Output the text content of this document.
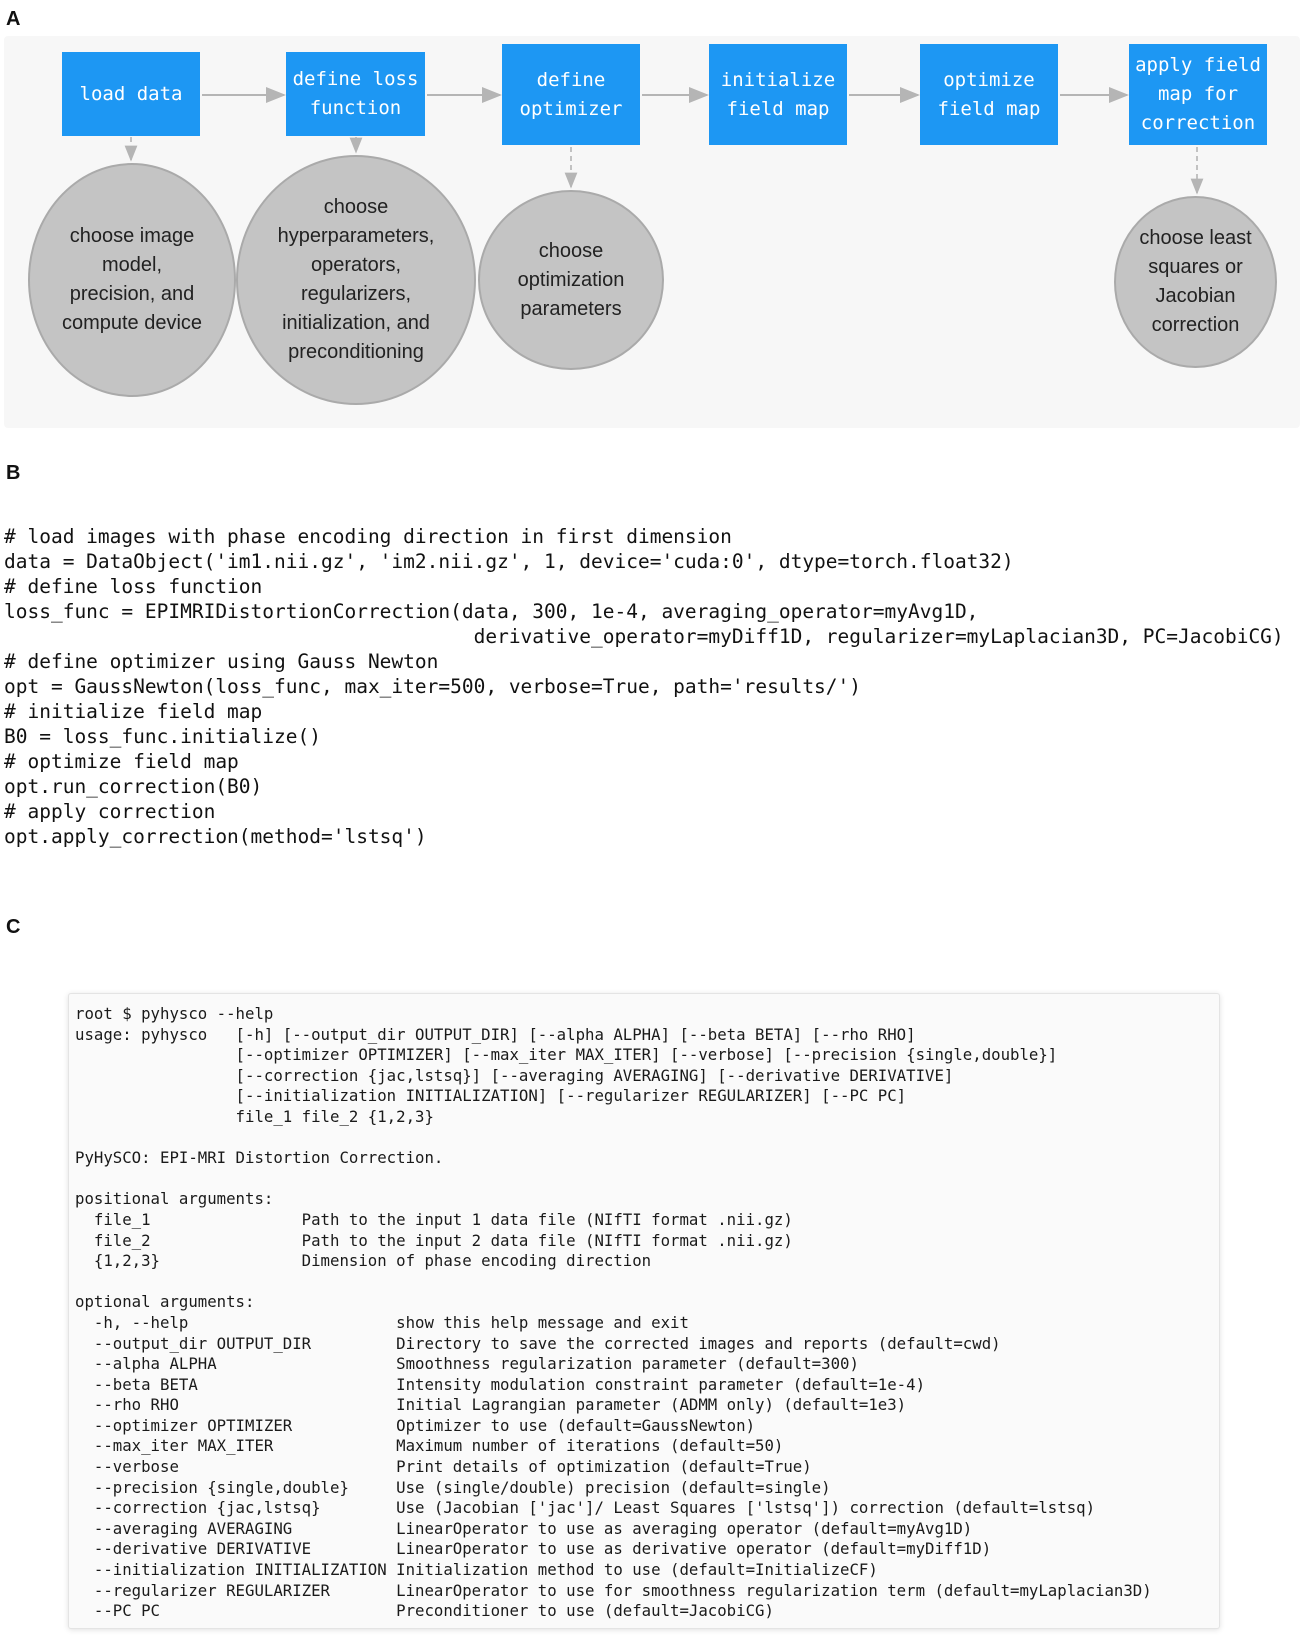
A
B
C
load data
define loss
function
define
optimizer
initialize
field map
optimize
field map
apply field
map for
correction
choose image
model,
precision, and
compute device
choose
hyperparameters,
operators,
regularizers,
initialization, and
preconditioning
choose
optimization
parameters
choose least
squares or
Jacobian
correction
# load images with phase encoding direction in first dimension
data = DataObject('im1.nii.gz', 'im2.nii.gz', 1, device='cuda:0', dtype=torch.float32)
# define loss function
loss_func = EPIMRIDistortionCorrection(data, 300, 1e-4, averaging_operator=myAvg1D,
derivative_operator=myDiff1D, regularizer=myLaplacian3D, PC=JacobiCG)
# define optimizer using Gauss Newton
opt = GaussNewton(loss_func, max_iter=500, verbose=True, path='results/')
# initialize field map
B0 = loss_func.initialize()
# optimize field map
opt.run_correction(B0)
# apply correction
opt.apply_correction(method='lstsq')
root $ pyhysco --help
usage: pyhysco   [-h] [--output_dir OUTPUT_DIR] [--alpha ALPHA] [--beta BETA] [--rho RHO]
[--optimizer OPTIMIZER] [--max_iter MAX_ITER] [--verbose] [--precision {single,double}]
[--correction {jac,lstsq}] [--averaging AVERAGING] [--derivative DERIVATIVE]
[--initialization INITIALIZATION] [--regularizer REGULARIZER] [--PC PC]
file_1 file_2 {1,2,3}

PyHySCO: EPI-MRI Distortion Correction.

positional arguments:
file_1                Path to the input 1 data file (NIfTI format .nii.gz)
file_2                Path to the input 2 data file (NIfTI format .nii.gz)
{1,2,3}               Dimension of phase encoding direction

optional arguments:
-h, --help                      show this help message and exit
--output_dir OUTPUT_DIR         Directory to save the corrected images and reports (default=cwd)
--alpha ALPHA                   Smoothness regularization parameter (default=300)
--beta BETA                     Intensity modulation constraint parameter (default=1e-4)
--rho RHO                       Initial Lagrangian parameter (ADMM only) (default=1e3)
--optimizer OPTIMIZER           Optimizer to use (default=GaussNewton)
--max_iter MAX_ITER             Maximum number of iterations (default=50)
--verbose                       Print details of optimization (default=True)
--precision {single,double}     Use (single/double) precision (default=single)
--correction {jac,lstsq}        Use (Jacobian ['jac']/ Least Squares ['lstsq']) correction (default=lstsq)
--averaging AVERAGING           LinearOperator to use as averaging operator (default=myAvg1D)
--derivative DERIVATIVE         LinearOperator to use as derivative operator (default=myDiff1D)
--initialization INITIALIZATION Initialization method to use (default=InitializeCF)
--regularizer REGULARIZER       LinearOperator to use for smoothness regularization term (default=myLaplacian3D)
--PC PC                         Preconditioner to use (default=JacobiCG)
